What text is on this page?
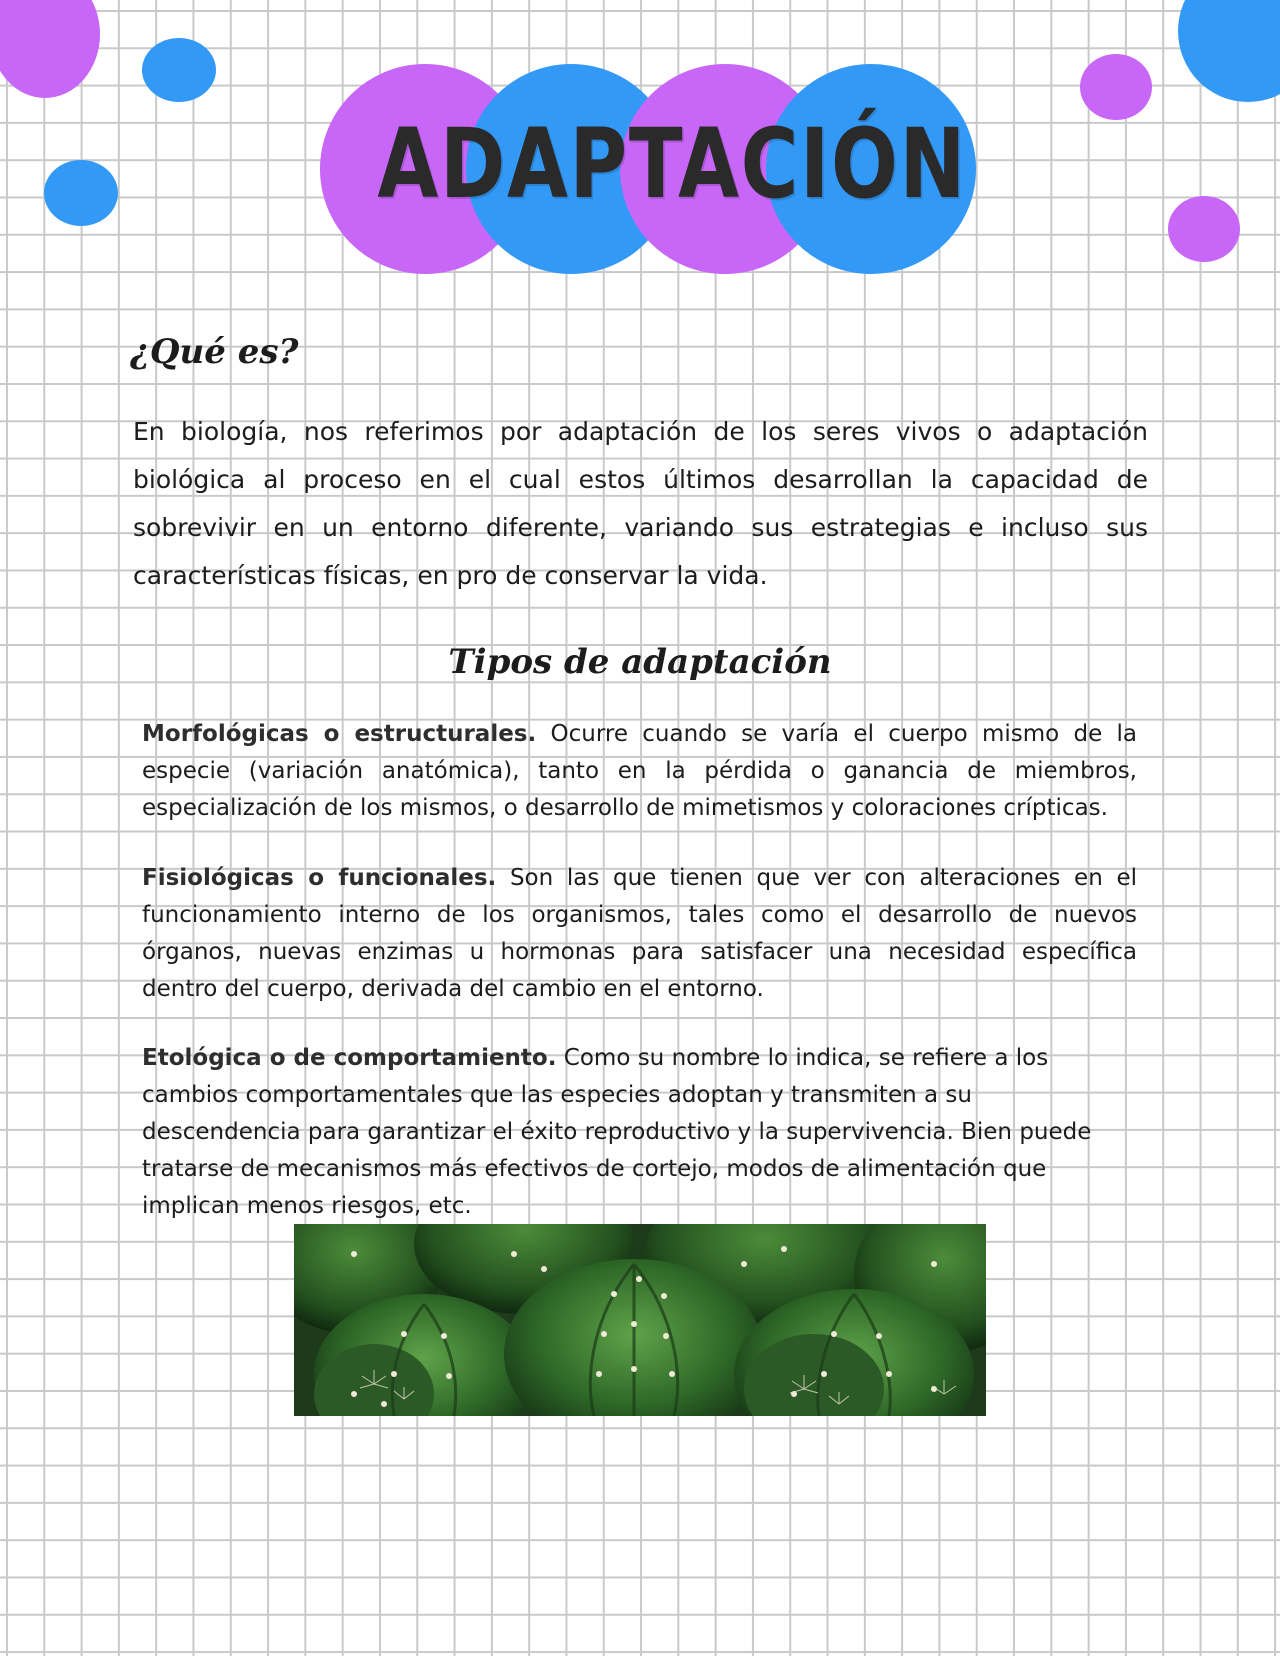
ADAPTACIÓN
¿Qué es?

En biología, nos referimos por adaptación de los seres vivos o adaptación biológica al proceso en el cual estos últimos desarrollan la capacidad de sobrevivir en un entorno diferente, variando sus estrategias e incluso sus características físicas, en pro de conservar la vida.

Tipos de adaptación

Morfológicas o estructurales. Ocurre cuando se varía el cuerpo mismo de la especie (variación anatómica), tanto en la pérdida o ganancia de miembros, especialización de los mismos, o desarrollo de mimetismos y coloraciones crípticas.

Fisiológicas o funcionales. Son las que tienen que ver con alteraciones en el funcionamiento interno de los organismos, tales como el desarrollo de nuevos órganos, nuevas enzimas u hormonas para satisfacer una necesidad específica dentro del cuerpo, derivada del cambio en el entorno.

Etológica o de comportamiento. Como su nombre lo indica, se refiere a los cambios comportamentales que las especies adoptan y transmiten a su descendencia para garantizar el éxito reproductivo y la supervivencia. Bien puede tratarse de mecanismos más efectivos de cortejo, modos de alimentación que implican menos riesgos, etc.
